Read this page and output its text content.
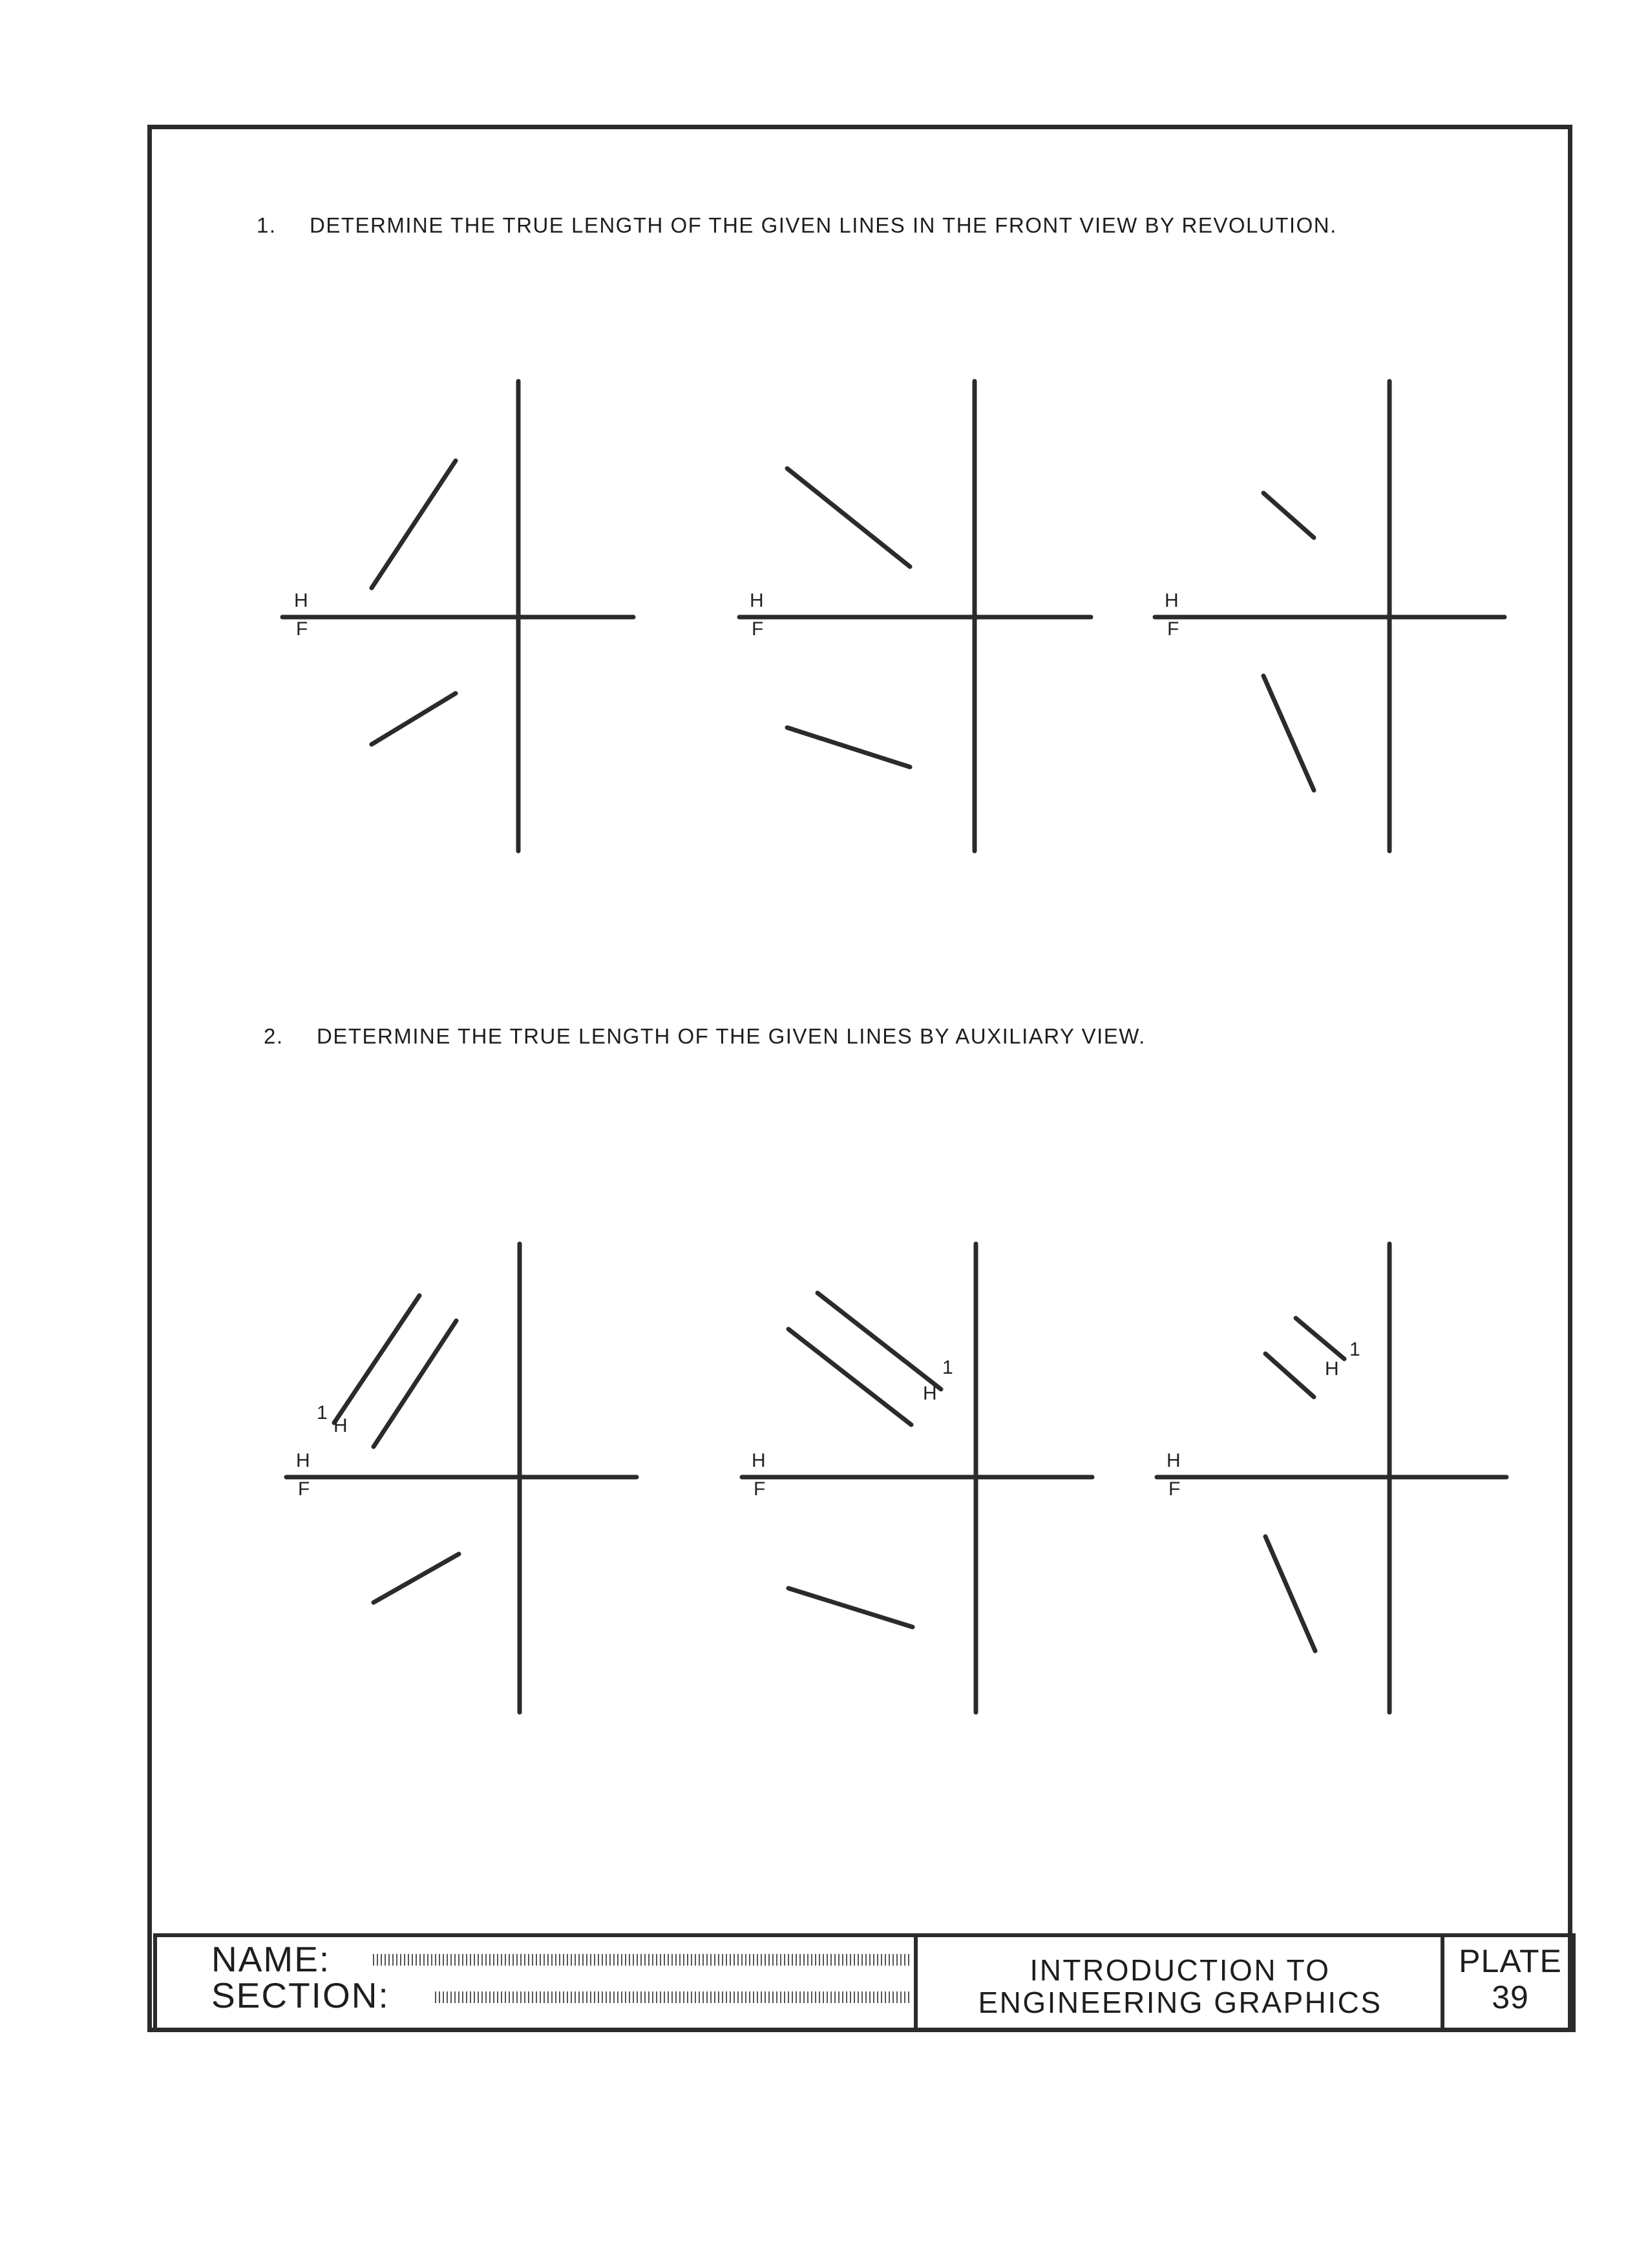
1. DETERMINE THE TRUE LENGTH OF THE GIVEN LINES IN THE FRONT VIEW BY REVOLUTION.
2. DETERMINE THE TRUE LENGTH OF THE GIVEN LINES BY AUXILIARY VIEW.
H
F
H
F
H
F
H
F
H
F
H
F
1
H
1
H
1
H
NAME:
SECTION:
INTRODUCTION TO
ENGINEERING GRAPHICS
PLATE
39
